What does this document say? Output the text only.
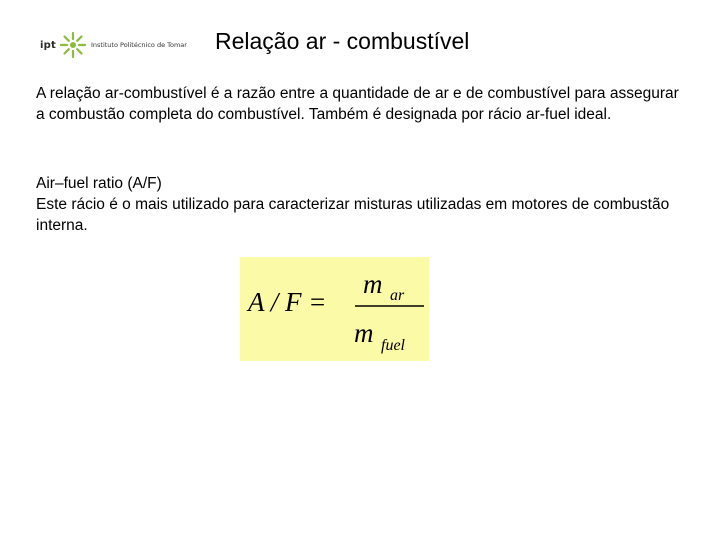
ipt	Instituto Politécnico de Tomar Relação ar - combustível
A relação ar-combustível é a razão entre a quantidade de ar e de combustível para assegurar a combustão completa do combustível. Também é designada por rácio ar-fuel ideal.
Air–fuel ratio (A/F)
Este rácio é o mais utilizado para caracterizar misturas utilizadas em motores de combustão interna.
A / F =
m ar
m fuel
